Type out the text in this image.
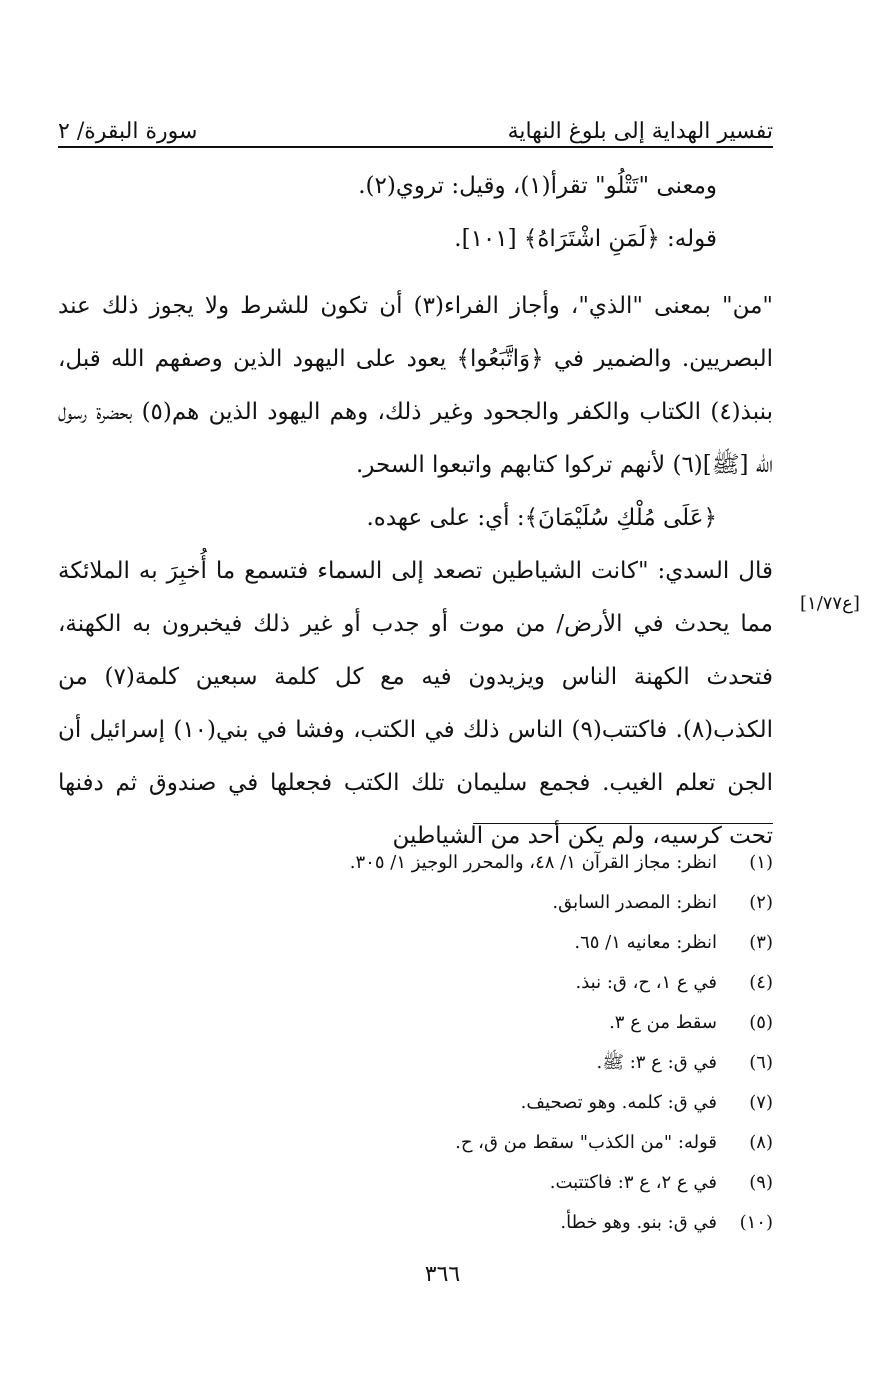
تفسير الهداية إلى بلوغ النهاية
سورة البقرة/ ٢

ومعنى "تَتْلُو" تقرأ(١)، وقيل: تروي(٢).

قوله: ﴿لَمَنِ اشْتَرَاهُ﴾ [١٠١].

"من" بمعنى "الذي"، وأجاز الفراء(٣) أن تكون للشرط ولا يجوز ذلك عند البصريين. والضمير في ﴿وَاتَّبَعُوا﴾ يعود على اليهود الذين وصفهم الله قبل، بنبذ(٤) الكتاب والكفر والجحود وغير ذلك، وهم اليهود الذين هم(٥) بحضرة رسول الله [ﷺ](٦) لأنهم تركوا كتابهم واتبعوا السحر.

﴿عَلَى مُلْكِ سُلَيْمَانَ﴾: أي: على عهده.

قال السدي: "كانت الشياطين تصعد إلى السماء فتسمع ما أُخبِرَ به الملائكة مما يحدث في الأرض/ من موت أو جدب أو غير ذلك فيخبرون به الكهنة، فتحدث الكهنة الناس ويزيدون فيه مع كل كلمة سبعين كلمة(٧) من الكذب(٨). فاكتتب(٩) الناس ذلك في الكتب، وفشا في بني(١٠) إسرائيل أن الجن تعلم الغيب. فجمع سليمان تلك الكتب فجعلها في صندوق ثم دفنها تحت كرسيه، ولم يكن أحد من الشياطين

[ع١/٧٧]
(١)
انظر: مجاز القرآن ١/ ٤٨، والمحرر الوجيز ١/ ٣٠٥.
(٢)
انظر: المصدر السابق.
(٣)
انظر: معانيه ١/ ٦٥.
(٤)
في ع ١، ح، ق: نبذ.
(٥)
سقط من ع ٣.
(٦)
في ق: ع ٣: ﷺ.
(٧)
في ق: كلمه. وهو تصحيف.
(٨)
قوله: "من الكذب" سقط من ق، ح.
(٩)
في ع ٢، ع ٣: فاكتتبت.
(١٠)
في ق: بنو. وهو خطأ.
٣٦٦
